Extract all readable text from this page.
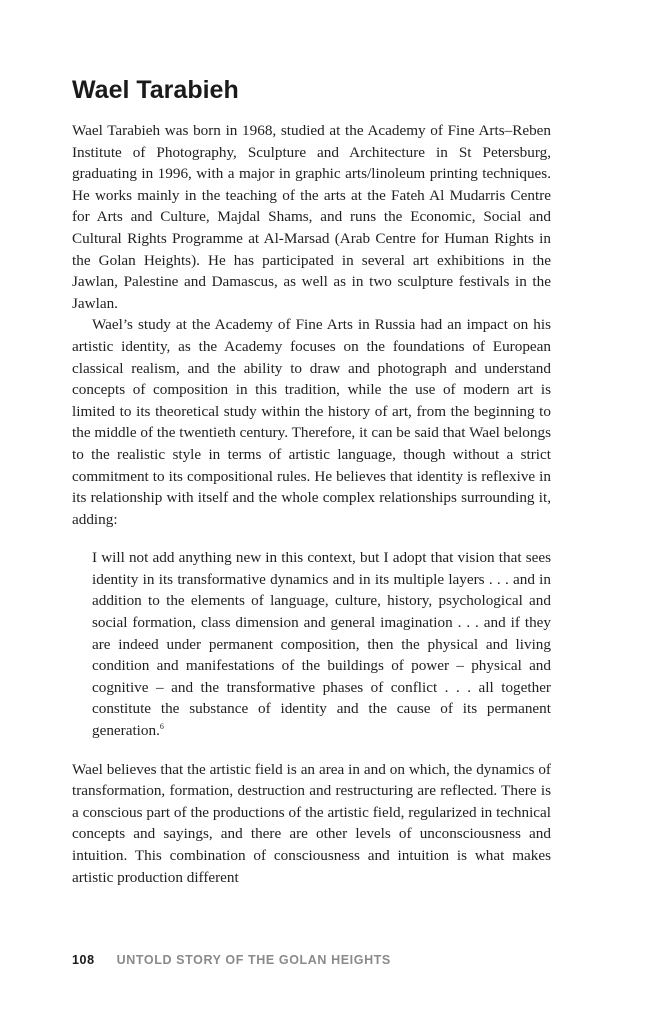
Wael Tarabieh

Wael Tarabieh was born in 1968, studied at the Academy of Fine Arts–Reben Institute of Photography, Sculpture and Architecture in St Petersburg, graduating in 1996, with a major in graphic arts/linoleum printing techniques. He works mainly in the teaching of the arts at the Fateh Al Mudarris Centre for Arts and Culture, Majdal Shams, and runs the Economic, Social and Cultural Rights Programme at Al-Marsad (Arab Centre for Human Rights in the Golan Heights). He has participated in several art exhibitions in the Jawlan, Palestine and Damascus, as well as in two sculpture festivals in the Jawlan.

Wael’s study at the Academy of Fine Arts in Russia had an impact on his artistic identity, as the Academy focuses on the foundations of European classical realism, and the ability to draw and photograph and understand concepts of composition in this tradition, while the use of modern art is limited to its theoretical study within the history of art, from the beginning to the middle of the twentieth century. Therefore, it can be said that Wael belongs to the realistic style in terms of artistic language, though without a strict commitment to its compositional rules. He believes that identity is reflexive in its relationship with itself and the whole complex relationships surrounding it, adding:

I will not add anything new in this context, but I adopt that vision that sees identity in its transformative dynamics and in its multiple layers . . . and in addition to the elements of language, culture, history, psychological and social formation, class dimension and general imagination . . . and if they are indeed under permanent composition, then the physical and living condition and manifestations of the buildings of power – physical and cognitive – and the transformative phases of conflict . . . all together constitute the substance of identity and the cause of its permanent generation.$^6$

Wael believes that the artistic field is an area in and on which, the dynamics of transformation, formation, destruction and restructuring are reflected. There is a conscious part of the productions of the artistic field, regularized in technical concepts and sayings, and there are other levels of unconsciousness and intuition. This combination of consciousness and intuition is what makes artistic production different

108 UNTOLD STORY OF THE GOLAN HEIGHTS
